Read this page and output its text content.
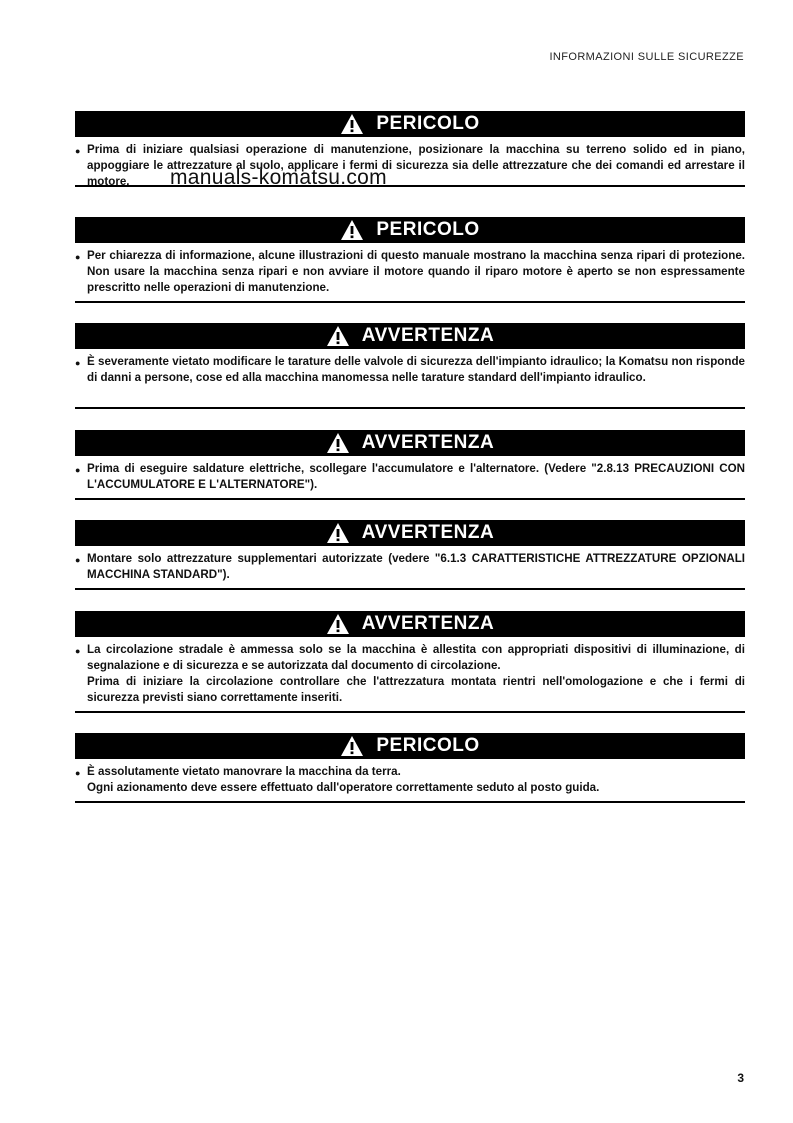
INFORMAZIONI SULLE SICUREZZE
PERICOLO
● Prima di iniziare qualsiasi operazione di manutenzione, posizionare la macchina su terreno solido ed in piano, appoggiare le attrezzature al suolo, applicare i fermi di sicurezza sia delle attrezzature che dei comandi ed arrestare il motore.
PERICOLO
● Per chiarezza di informazione, alcune illustrazioni di questo manuale mostrano la macchina senza ripari di protezione. Non usare la macchina senza ripari e non avviare il motore quando il riparo motore è aperto se non espressamente prescritto nelle operazioni di manutenzione.
AVVERTENZA
● È severamente vietato modificare le tarature delle valvole di sicurezza dell'impianto idraulico; la Komatsu non risponde di danni a persone, cose ed alla macchina manomessa nelle tarature standard dell'impianto idraulico.
AVVERTENZA
● Prima di eseguire saldature elettriche, scollegare l'accumulatore e l'alternatore. (Vedere "2.8.13 PRECAUZIONI CON L'ACCUMULATORE E L'ALTERNATORE").
AVVERTENZA
● Montare solo attrezzature supplementari autorizzate (vedere "6.1.3 CARATTERISTICHE ATTREZZATURE OPZIONALI MACCHINA STANDARD").
AVVERTENZA
● La circolazione stradale è ammessa solo se la macchina è allestita con appropriati dispositivi di illuminazione, di segnalazione e di sicurezza e se autorizzata dal documento di circolazione.
Prima di iniziare la circolazione controllare che l'attrezzatura montata rientri nell'omologazione e che i fermi di sicurezza previsti siano correttamente inseriti.
PERICOLO
● È assolutamente vietato manovrare la macchina da terra.
Ogni azionamento deve essere effettuato dall'operatore correttamente seduto al posto guida.
manuals-komatsu.com
3
